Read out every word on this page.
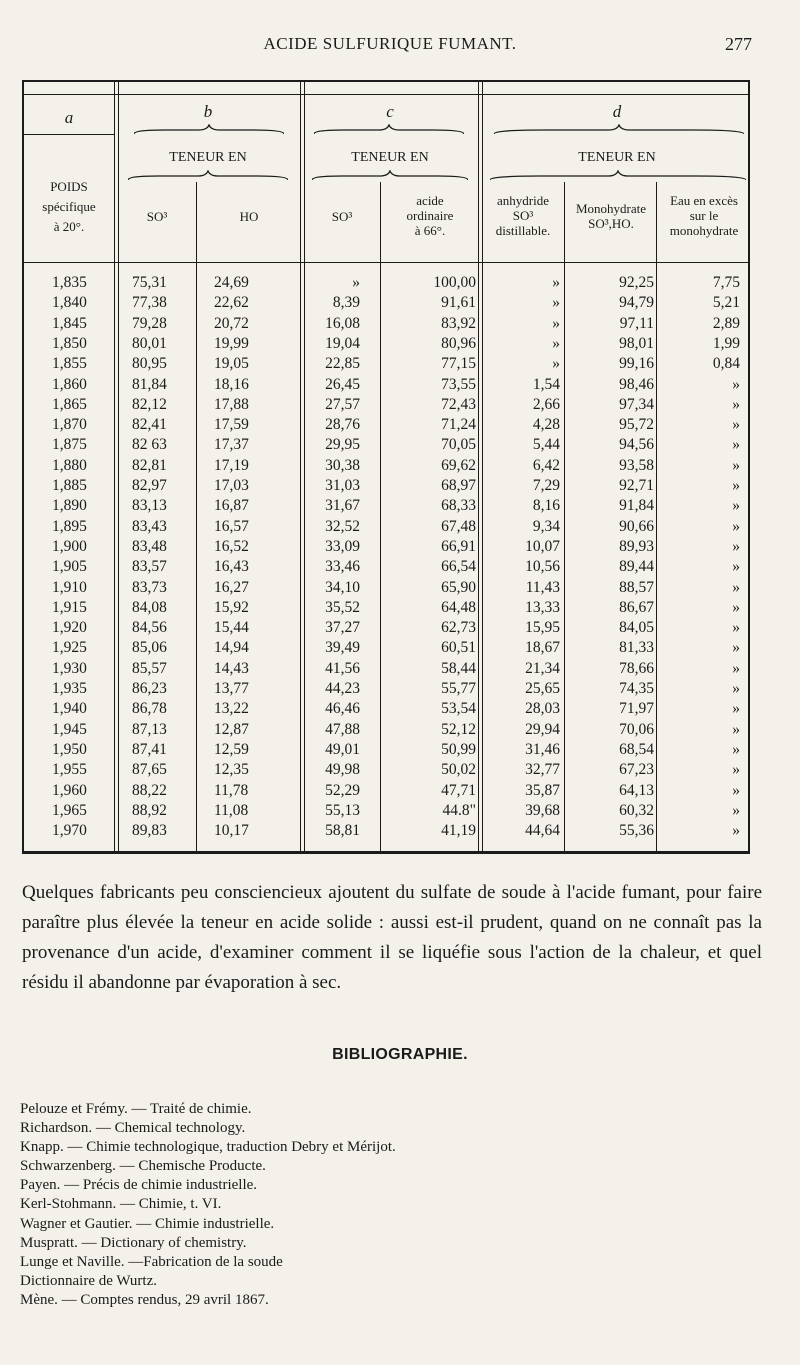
ACIDE SULFURIQUE FUMANT.	277
a	b	c	d
TENEUR EN	TENEUR EN	TENEUR EN
POIDS
spécifique
à 20°.
SO³	HO	SO³
acide
ordinaire
à 66°.
anhydride
SO³
distillable.
Monohydrate
SO³,HO.
Eau en excès
sur le
monohydrate
1,835	75,31	24,69	»	100,00	»	92,25	7,75
1,840	77,38	22,62	8,39	91,61	»	94,79	5,21
1,845	79,28	20,72	16,08	83,92	»	97,11	2,89
1,850	80,01	19,99	19,04	80,96	»	98,01	1,99
1,855	80,95	19,05	22,85	77,15	»	99,16	0,84
1,860	81,84	18,16	26,45	73,55	1,54	98,46	»
1,865	82,12	17,88	27,57	72,43	2,66	97,34	»
1,870	82,41	17,59	28,76	71,24	4,28	95,72	»
1,875	82 63	17,37	29,95	70,05	5,44	94,56	»
1,880	82,81	17,19	30,38	69,62	6,42	93,58	»
1,885	82,97	17,03	31,03	68,97	7,29	92,71	»
1,890	83,13	16,87	31,67	68,33	8,16	91,84	»
1,895	83,43	16,57	32,52	67,48	9,34	90,66	»
1,900	83,48	16,52	33,09	66,91	10,07	89,93	»
1,905	83,57	16,43	33,46	66,54	10,56	89,44	»
1,910	83,73	16,27	34,10	65,90	11,43	88,57	»
1,915	84,08	15,92	35,52	64,48	13,33	86,67	»
1,920	84,56	15,44	37,27	62,73	15,95	84,05	»
1,925	85,06	14,94	39,49	60,51	18,67	81,33	»
1,930	85,57	14,43	41,56	58,44	21,34	78,66	»
1,935	86,23	13,77	44,23	55,77	25,65	74,35	»
1,940	86,78	13,22	46,46	53,54	28,03	71,97	»
1,945	87,13	12,87	47,88	52,12	29,94	70,06	»
1,950	87,41	12,59	49,01	50,99	31,46	68,54	»
1,955	87,65	12,35	49,98	50,02	32,77	67,23	»
1,960	88,22	11,78	52,29	47,71	35,87	64,13	»
1,965	88,92	11,08	55,13	44.8"	39,68	60,32	»
1,970	89,83	10,17	58,81	41,19	44,64	55,36	»
Quelques fabricants peu consciencieux ajoutent du sulfate de soude à l'acide fumant, pour faire paraître plus élevée la teneur en acide solide : aussi est-il prudent, quand on ne connaît pas la provenance d'un acide, d'examiner comment il se liquéfie sous l'action de la chaleur, et quel résidu il abandonne par évaporation à sec.
BIBLIOGRAPHIE.
Pelouze et Frémy. — Traité de chimie.
Richardson. — Chemical technology.
Knapp. — Chimie technologique, traduction Debry et Mérijot.
Schwarzenberg. — Chemische Producte.
Payen. — Précis de chimie industrielle.
Kerl-Stohmann. — Chimie, t. VI.
Wagner et Gautier. — Chimie industrielle.
Muspratt. — Dictionary of chemistry.
Lunge et Naville. —Fabrication de la soude
Dictionnaire de Wurtz.
Mène. — Comptes rendus, 29 avril 1867.
